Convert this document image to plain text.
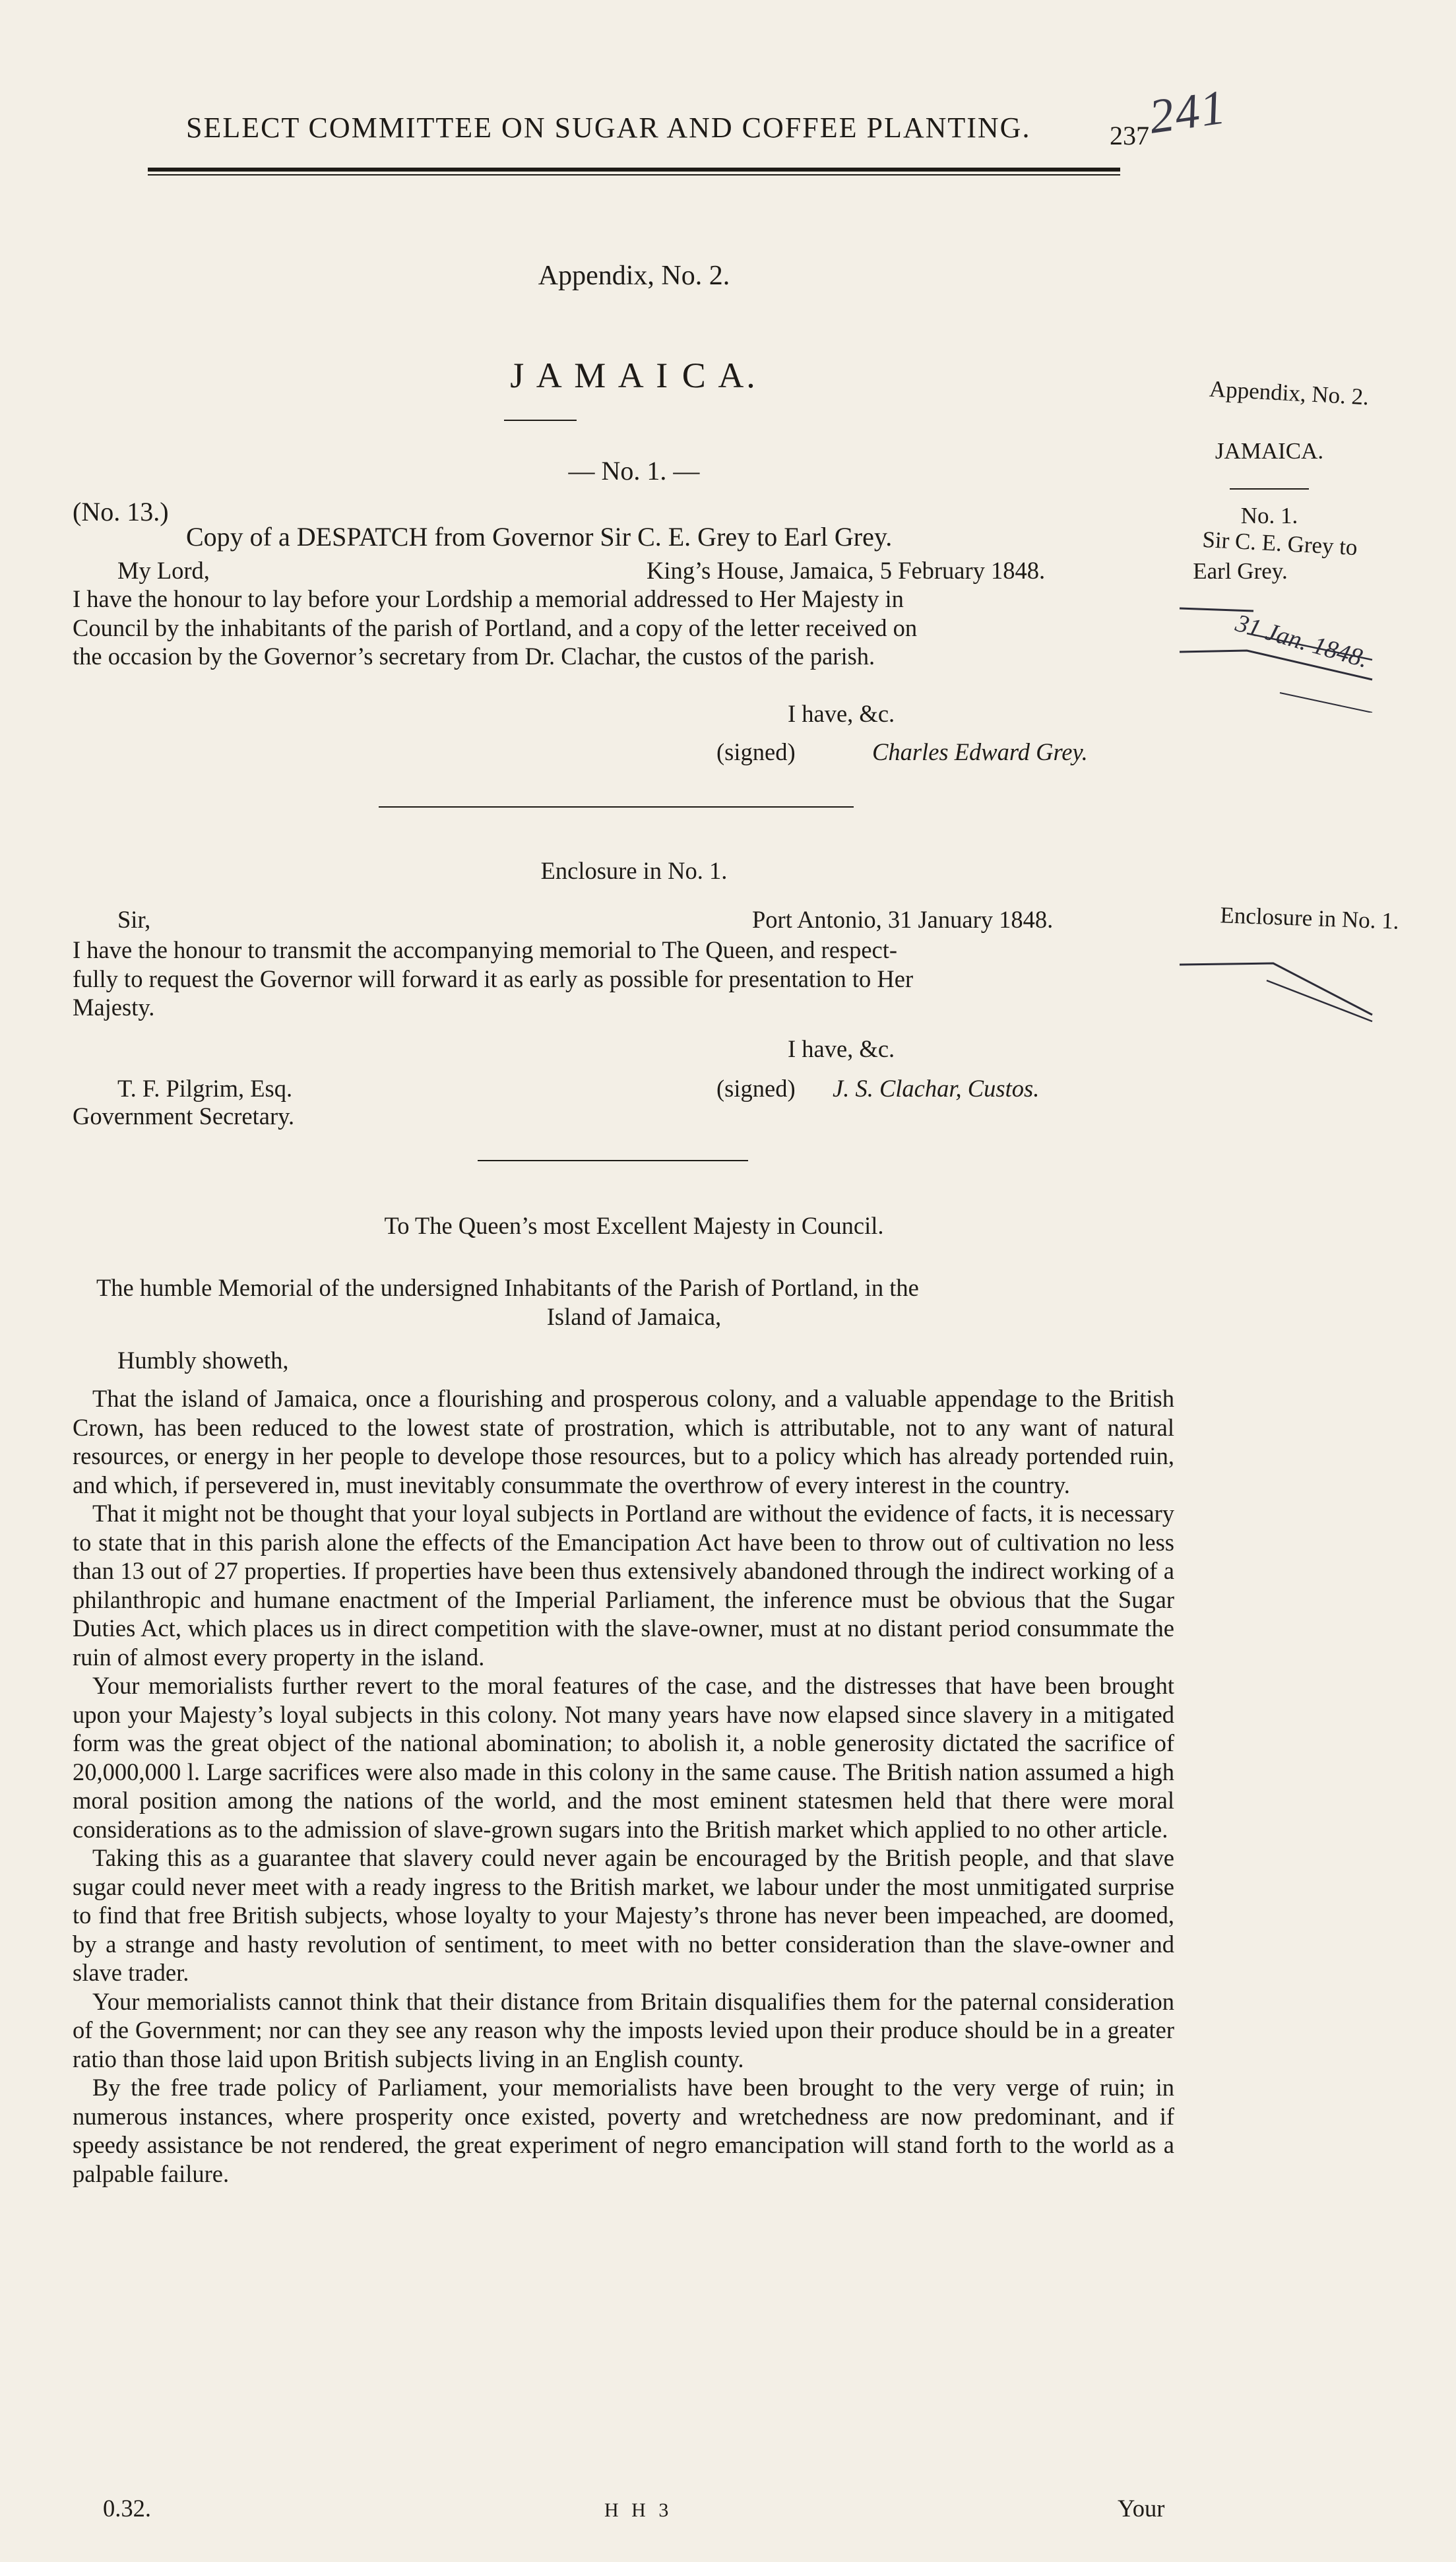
SELECT COMMITTEE ON SUGAR AND COFFEE PLANTING.	237
241
Appendix, No. 2.
J A M A I C A.
— No. 1. —
(No. 13.)
Copy of a DESPATCH from Governor Sir C. E. Grey to Earl Grey.
My Lord,	King’s House, Jamaica, 5 February 1848.
I have the honour to lay before your Lordship a memorial addressed to Her Majesty in
Council by the inhabitants of the parish of Portland, and a copy of the letter received on
the occasion by the Governor’s secretary from Dr. Clachar, the custos of the parish.
I have, &c.
(signed)	Charles Edward Grey.
Enclosure in No. 1.
Sir,	Port Antonio, 31 January 1848.
I have the honour to transmit the accompanying memorial to The Queen, and respect-
fully to request the Governor will forward it as early as possible for presentation to Her
Majesty.
I have, &c.
T. F. Pilgrim, Esq.
Government Secretary.
(signed) J. S. Clachar, Custos.
To The Queen’s most Excellent Majesty in Council.
The humble Memorial of the undersigned Inhabitants of the Parish of Portland, in the
Island of Jamaica,
Humbly showeth,
That the island of Jamaica, once a flourishing and prosperous colony, and a valuable appendage to the British Crown, has been reduced to the lowest state of prostration, which is attributable, not to any want of natural resources, or energy in her people to develope those resources, but to a policy which has already portended ruin, and which, if persevered in, must inevitably consummate the overthrow of every interest in the country.
That it might not be thought that your loyal subjects in Portland are without the evidence of facts, it is necessary to state that in this parish alone the effects of the Emancipation Act have been to throw out of cultivation no less than 13 out of 27 properties. If properties have been thus extensively abandoned through the indirect working of a philanthropic and humane enactment of the Imperial Parliament, the inference must be obvious that the Sugar Duties Act, which places us in direct competition with the slave-owner, must at no distant period consummate the ruin of almost every property in the island.
Your memorialists further revert to the moral features of the case, and the distresses that have been brought upon your Majesty’s loyal subjects in this colony. Not many years have now elapsed since slavery in a mitigated form was the great object of the national abomination; to abolish it, a noble generosity dictated the sacrifice of 20,000,000 l. Large sacrifices were also made in this colony in the same cause. The British nation assumed a high moral position among the nations of the world, and the most eminent statesmen held that there were moral considerations as to the admission of slave-grown sugars into the British market which applied to no other article.
Taking this as a guarantee that slavery could never again be encouraged by the British people, and that slave sugar could never meet with a ready ingress to the British market, we labour under the most unmitigated surprise to find that free British subjects, whose loyalty to your Majesty’s throne has never been impeached, are doomed, by a strange and hasty revolution of sentiment, to meet with no better consideration than the slave-owner and slave trader.
Your memorialists cannot think that their distance from Britain disqualifies them for the paternal consideration of the Government; nor can they see any reason why the imposts levied upon their produce should be in a greater ratio than those laid upon British subjects living in an English county.
By the free trade policy of Parliament, your memorialists have been brought to the very verge of ruin; in numerous instances, where prosperity once existed, poverty and wretchedness are now predominant, and if speedy assistance be not rendered, the great experiment of negro emancipation will stand forth to the world as a palpable failure.
0.32.	H H 3	Your
Appendix, No. 2.
JAMAICA.
No. 1.
Sir C. E. Grey to
Earl Grey.
31 Jan. 1848.
Enclosure in No. 1.
